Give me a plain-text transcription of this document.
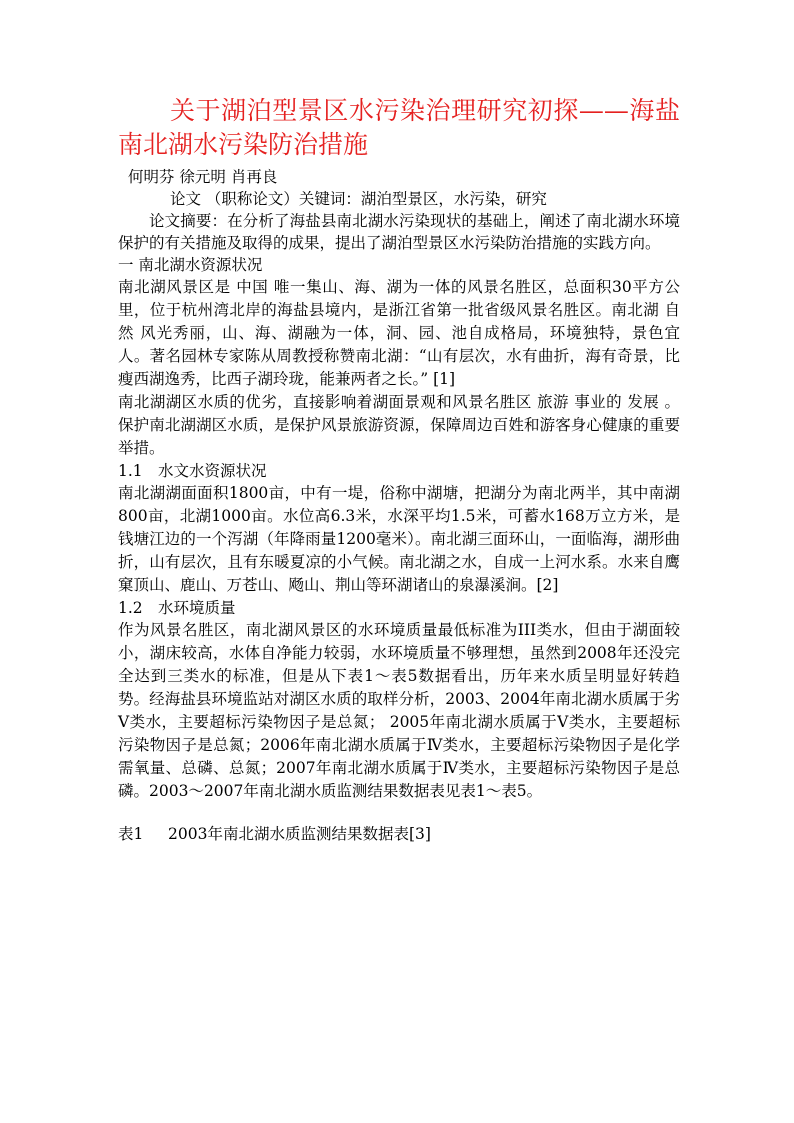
关于湖泊型景区水污染治理研究初探——海盐南北湖水污染防治措施

何明芬 徐元明 肖再良

论文 （职称论文）关键词：湖泊型景区，水污染，研究

论文摘要：在分析了海盐县南北湖水污染现状的基础上，阐述了南北湖水环境保护的有关措施及取得的成果，提出了湖泊型景区水污染防治措施的实践方向。

一 南北湖水资源状况

南北湖风景区是 中国 唯一集山、海、湖为一体的风景名胜区，总面积30平方公里，位于杭州湾北岸的海盐县境内，是浙江省第一批省级风景名胜区。南北湖 自然 风光秀丽，山、海、湖融为一体，洞、园、池自成格局，环境独特，景色宜人。著名园林专家陈从周教授称赞南北湖：“山有层次，水有曲折，海有奇景，比瘦西湖逸秀，比西子湖玲珑，能兼两者之长。” [1]

南北湖湖区水质的优劣，直接影响着湖面景观和风景名胜区 旅游 事业的 发展 。保护南北湖湖区水质，是保护风景旅游资源，保障周边百姓和游客身心健康的重要举措。

1.1 水文水资源状况

南北湖湖面面积1800亩，中有一堤，俗称中湖塘，把湖分为南北两半，其中南湖800亩，北湖1000亩。水位高6.3米，水深平均1.5米，可蓄水168万立方米，是钱塘江边的一个泻湖（年降雨量1200毫米）。南北湖三面环山，一面临海，湖形曲折，山有层次，且有东暖夏凉的小气候。南北湖之水，自成一上河水系。水来自鹰窠顶山、鹿山、万苍山、飏山、荆山等环湖诸山的泉瀑溪涧。[2]

1.2 水环境质量

作为风景名胜区，南北湖风景区的水环境质量最低标准为III类水，但由于湖面较小，湖床较高，水体自净能力较弱，水环境质量不够理想，虽然到2008年还没完全达到三类水的标准，但是从下表1～表5数据看出，历年来水质呈明显好转趋势。经海盐县环境监站对湖区水质的取样分析，2003、2004年南北湖水质属于劣Ⅴ类水，主要超标污染物因子是总氮； 2005年南北湖水质属于Ⅴ类水，主要超标污染物因子是总氮；2006年南北湖水质属于Ⅳ类水，主要超标污染物因子是化学需氧量、总磷、总氮；2007年南北湖水质属于Ⅳ类水，主要超标污染物因子是总磷。2003～2007年南北湖水质监测结果数据表见表1～表5。

表1 2003年南北湖水质监测结果数据表[3]
